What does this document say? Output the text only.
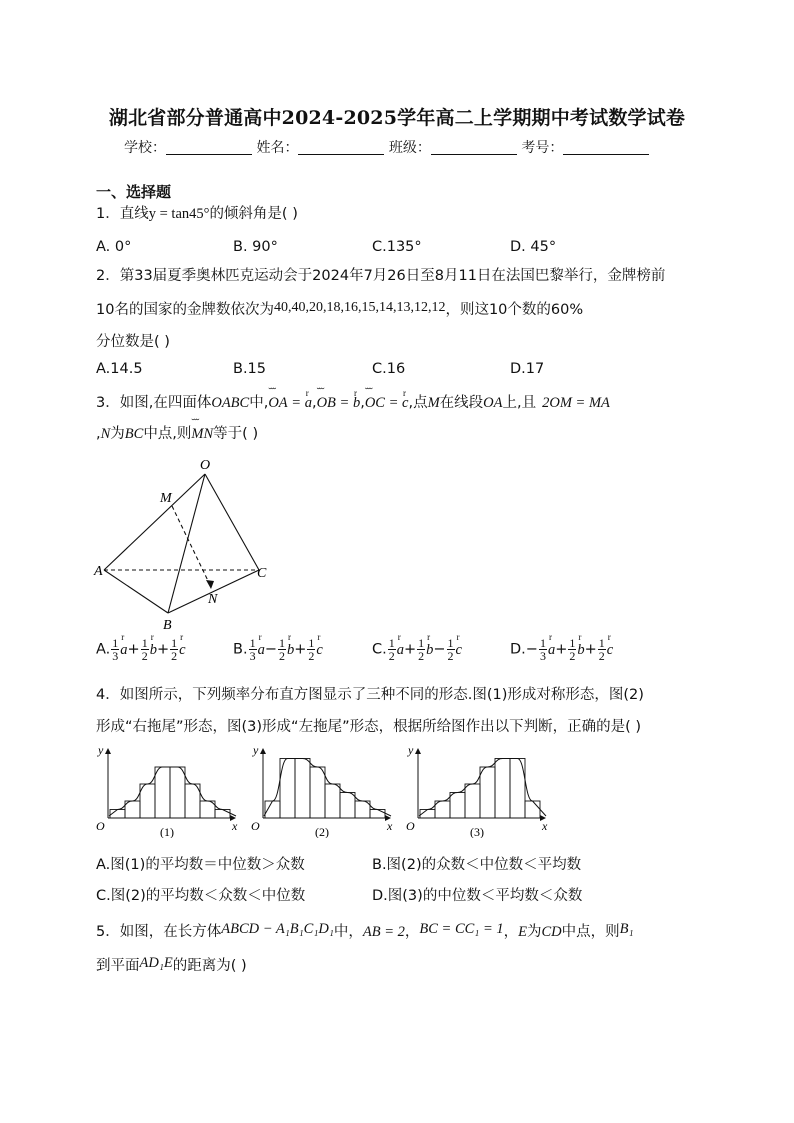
湖北省部分普通高中2024-2025学年高二上学期期中考试数学试卷
学校：	姓名：	班级：	考号：
一、选择题
1．直线y = tan45°的倾斜角是( )
A. 0°	B. 90°	C.135°	D. 45°
2．第33届夏季奥林匹克运动会于2024年7月26日至8月11日在法国巴黎举行，金牌榜前
10名的国家的金牌数依次为40,40,20,18,16,15,14,13,12,12，则这10个数的60%
分位数是( )
A.14.5	B.15	C.16	D.17
3．如图,在四面体OABC中,˘˘˘ OA = r a,˘˘˘ OB = r b,˘˘˘ OC = r c,点M在线段OA上,且 2OM = MA
,N为BC中点,则˘˘˘ MN等于( )
O
M
A	C
N
B
A. $\frac{1}{3}$ r $a+ \frac{1}{2}$ r $b+ \frac{1}{2}$ r c	B. $\frac{1}{3}$ r $a- \frac{1}{2}$ r $b+ \frac{1}{2}$ r c	C. $\frac{1}{2}$ r $a+ \frac{1}{2}$ r $b- \frac{1}{2}$ r c	$D.- \frac{1}{3}$ r $a+ \frac{1}{2}$ r $b+ \frac{1}{2}$ r c
4．如图所示，下列频率分布直方图显示了三种不同的形态.图(1)形成对称形态，图(2)
形成“右拖尾”形态，图(3)形成“左拖尾”形态，根据所给图作出以下判断，正确的是( )
y
O	x
(1)
y
O	x
(2)
y
O	x
(3)
A.图(1)的平均数＝中位数＞众数	B.图(2)的众数＜中位数＜平均数
C.图(2)的平均数＜众数＜中位数	D.图(3)的中位数＜平均数＜众数
5．如图，在长方体ABCD − A₁B₁C₁D₁中，AB = 2，BC = CC₁ = 1，E为CD中点，则B₁
到平面AD₁E的距离为( )
